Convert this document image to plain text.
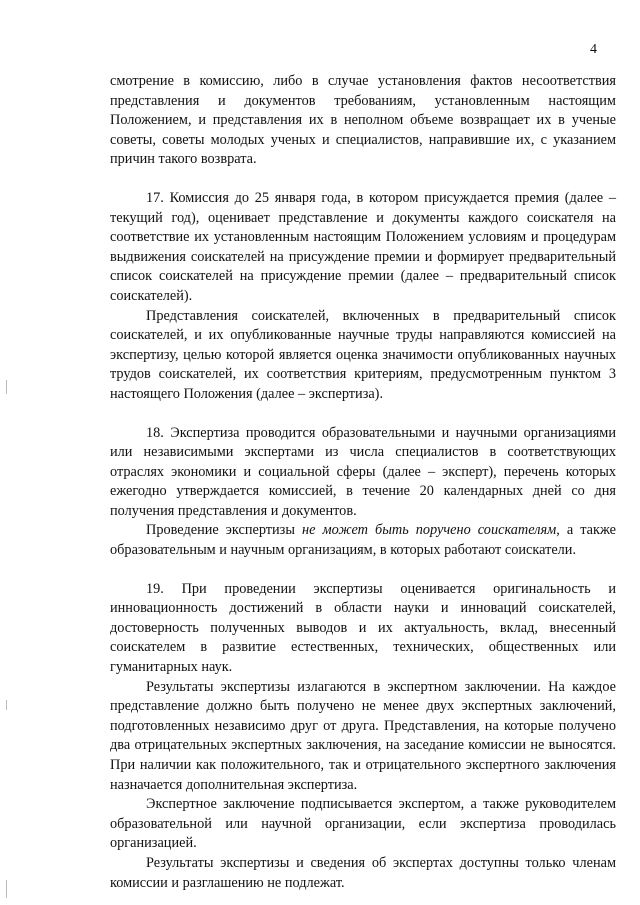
4

смотрение в комиссию, либо в случае установления фактов несоответствия представления и документов требованиям, установленным настоящим Положением, и представления их в неполном объеме возвращает их в ученые советы, советы молодых ученых и специалистов, направившие их, с указанием причин такого возврата.

17. Комиссия до 25 января года, в котором присуждается премия (далее – текущий год), оценивает представление и документы каждого соискателя на соответствие их установленным настоящим Положением условиям и процедурам выдвижения соискателей на присуждение премии и формирует предварительный список соискателей на присуждение премии (далее – предварительный список соискателей).

Представления соискателей, включенных в предварительный список соискателей, и их опубликованные научные труды направляются комиссией на экспертизу, целью которой является оценка значимости опубликованных научных трудов соискателей, их соответствия критериям, предусмотренным пунктом 3 настоящего Положения (далее – экспертиза).

18. Экспертиза проводится образовательными и научными организациями или независимыми экспертами из числа специалистов в соответствующих отраслях экономики и социальной сферы (далее – эксперт), перечень которых ежегодно утверждается комиссией, в течение 20 календарных дней со дня получения представления и документов.

Проведение экспертизы не может быть поручено соискателям, а также образовательным и научным организациям, в которых работают соискатели.

19. При проведении экспертизы оценивается оригинальность и инновационность достижений в области науки и инноваций соискателей, достоверность полученных выводов и их актуальность, вклад, внесенный соискателем в развитие естественных, технических, общественных или гуманитарных наук.

Результаты экспертизы излагаются в экспертном заключении. На каждое представление должно быть получено не менее двух экспертных заключений, подготовленных независимо друг от друга. Представления, на которые получено два отрицательных экспертных заключения, на заседание комиссии не выносятся. При наличии как положительного, так и отрицательного экспертного заключения назначается дополнительная экспертиза.

Экспертное заключение подписывается экспертом, а также руководителем образовательной или научной организации, если экспертиза проводилась организацией.

Результаты экспертизы и сведения об экспертах доступны только членам комиссии и разглашению не подлежат.
